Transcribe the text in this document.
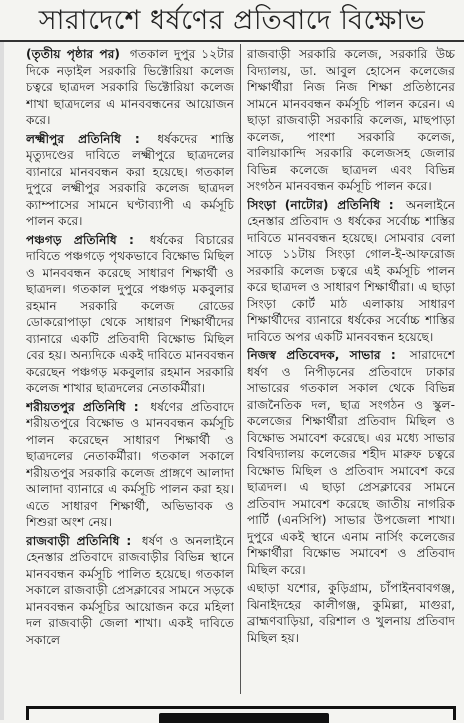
সারাদেশে ধর্ষণের প্রতিবাদে বিক্ষোভ

(তৃতীয় পৃষ্ঠার পর) গতকাল দুপুর ১২টার দিকে নড়াইল সরকারি ভিক্টোরিয়া কলেজ চত্বরে ছাত্রদল সরকারি ভিক্টোরিয়া কলেজ শাখা ছাত্রদলের এ মানববন্ধনের আয়োজন করে।

লক্ষ্মীপুর প্রতিনিধি : ধর্ষকদের শাস্তি মৃত্যুদণ্ডের দাবিতে লক্ষ্মীপুরে ছাত্রদলের ব্যানারে মানববন্ধন করা হয়েছে। গতকাল দুপুরে লক্ষ্মীপুর সরকারি কলেজ ছাত্রদল ক্যাম্পাসের সামনে ঘণ্টাব্যাপী এ কর্মসূচি পালন করে।

পঞ্চগড় প্রতিনিধি : ধর্ষকের বিচারের দাবিতে পঞ্চগড়ে পৃথকভাবে বিক্ষোভ মিছিল ও মানববন্ধন করেছে সাধারণ শিক্ষার্থী ও ছাত্রদল। গতকাল দুপুরে পঞ্চগড় মকবুলার রহমান সরকারি কলেজ রোডের ডোকরোপাড়া থেকে সাধারণ শিক্ষার্থীদের ব্যানারে একটি প্রতিবাদী বিক্ষোভ মিছিল বের হয়। অন্যদিকে একই দাবিতে মানববন্ধন করেছেন পঞ্চগড় মকবুলার রহমান সরকারি কলেজ শাখার ছাত্রদলের নেতাকর্মীরা।

শরীয়তপুর প্রতিনিধি : ধর্ষণের প্রতিবাদে শরীয়তপুরে বিক্ষোভ ও মানববন্ধন কর্মসূচি পালন করেছেন সাধারণ শিক্ষার্থী ও ছাত্রদলের নেতাকর্মীরা। গতকাল সকালে শরীয়তপুর সরকারি কলেজ প্রাঙ্গণে আলাদা আলাদা ব্যানারে এ কর্মসূচি পালন করা হয়। এতে সাধারণ শিক্ষার্থী, অভিভাবক ও শিশুরা অংশ নেয়।

রাজবাড়ী প্রতিনিধি : ধর্ষণ ও অনলাইনে হেনস্তার প্রতিবাদে রাজবাড়ীর বিভিন্ন স্থানে মানববন্ধন কর্মসূচি পালিত হয়েছে। গতকাল সকালে রাজবাড়ী প্রেসক্লাবের সামনে সড়কে মানববন্ধন কর্মসূচির আয়োজন করে মহিলা দল রাজবাড়ী জেলা শাখা। একই দাবিতে সকালে

রাজবাড়ী সরকারি কলেজ, সরকারি উচ্চ বিদ্যালয়, ডা. আবুল হোসেন কলেজের শিক্ষার্থীরা নিজ নিজ শিক্ষা প্রতিষ্ঠানের সামনে মানববন্ধন কর্মসূচি পালন করেন। এ ছাড়া রাজবাড়ী সরকারি কলেজ, মাছপাড়া কলেজ, পাংশা সরকারি কলেজ, বালিয়াকান্দি সরকারি কলেজসহ জেলার বিভিন্ন কলেজে ছাত্রদল এবং বিভিন্ন সংগঠন মানববন্ধন কর্মসূচি পালন করে।

সিংড়া (নাটোর) প্রতিনিধি : অনলাইনে হেনস্তার প্রতিবাদ ও ধর্ষকের সর্বোচ্চ শাস্তির দাবিতে মানববন্ধন হয়েছে। সোমবার বেলা সাড়ে ১১টায় সিংড়া গোল-ই-আফরোজ সরকারি কলেজ চত্বরে এই কর্মসূচি পালন করে ছাত্রদল ও সাধারণ শিক্ষার্থীরা। এ ছাড়া সিংড়া কোর্ট মাঠ এলাকায় সাধারণ শিক্ষার্থীদের ব্যানারে ধর্ষকের সর্বোচ্চ শাস্তির দাবিতে অপর একটি মানববন্ধন হয়েছে।

নিজস্ব প্রতিবেদক, সাভার : সারাদেশে ধর্ষণ ও নিপীড়নের প্রতিবাদে ঢাকার সাভারের গতকাল সকাল থেকে বিভিন্ন রাজনৈতিক দল, ছাত্র সংগঠন ও স্কুল-কলেজের শিক্ষার্থীরা প্রতিবাদ মিছিল ও বিক্ষোভ সমাবেশ করেছে। এর মধ্যে সাভার বিশ্ববিদ্যালয় কলেজের শহীদ মারুফ চত্বরে বিক্ষোভ মিছিল ও প্রতিবাদ সমাবেশ করে ছাত্রদল। এ ছাড়া প্রেসক্লাবের সামনে প্রতিবাদ সমাবেশ করেছে জাতীয় নাগরিক পার্টি (এনসিপি) সাভার উপজেলা শাখা। দুপুরে একই স্থানে এনাম নার্সিং কলেজের শিক্ষার্থীরা বিক্ষোভ সমাবেশ ও প্রতিবাদ মিছিল করে।

এছাড়া যশোর, কুড়িগ্রাম, চাঁপাইনবাবগঞ্জ, ঝিনাইদহের কালীগঞ্জ, কুমিল্লা, মাগুরা, ব্রাহ্মণবাড়িয়া, বরিশাল ও খুলনায় প্রতিবাদ মিছিল হয়।
